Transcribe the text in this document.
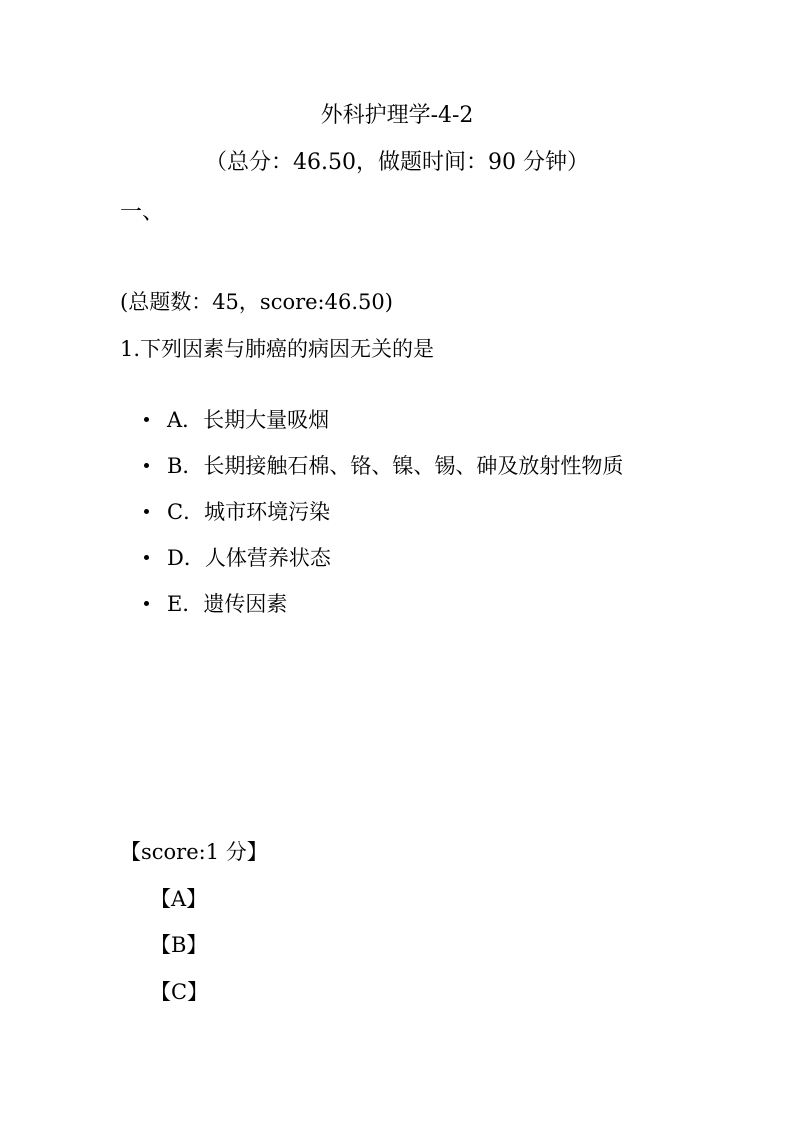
外科护理学-4-2
（总分：46.50，做题时间：90 分钟）
一、
(总题数：45，score:46.50)
1.下列因素与肺癌的病因无关的是
A．长期大量吸烟
B．长期接触石棉、铬、镍、锡、砷及放射性物质
C．城市环境污染
D．人体营养状态
E．遗传因素
【score:1 分】
【A】
【B】
【C】
